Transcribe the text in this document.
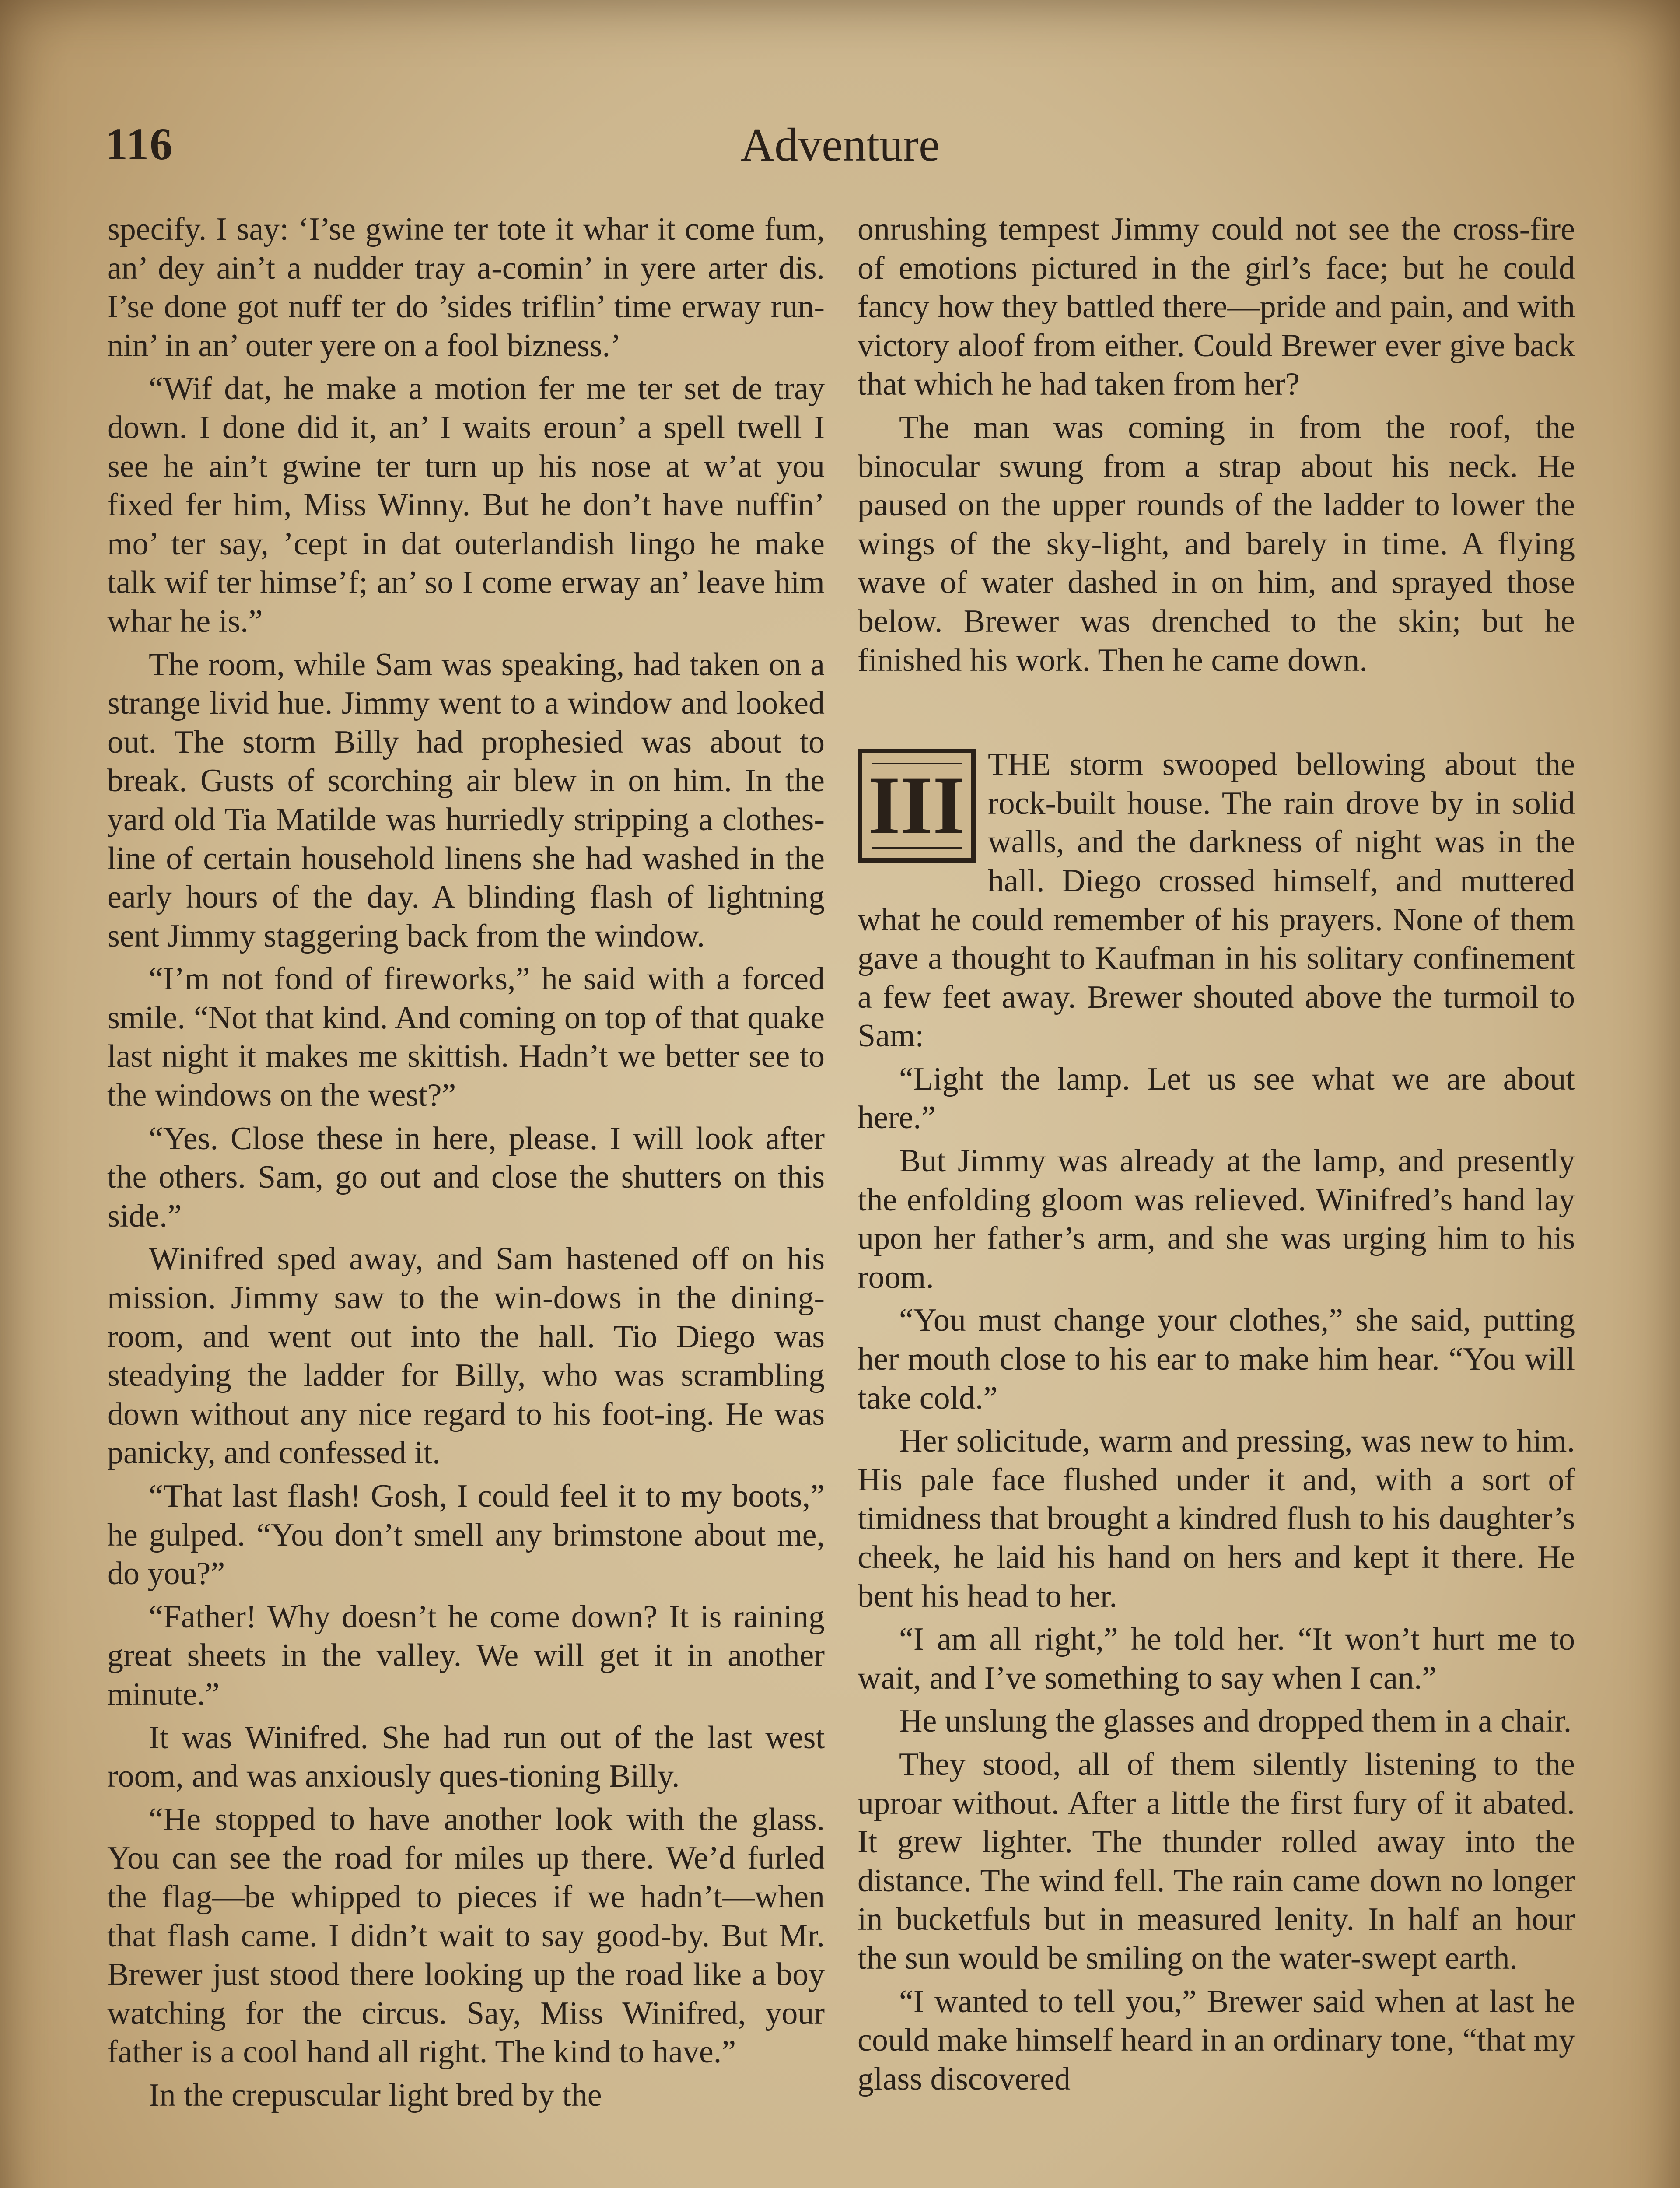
116	Adventure

specify. I say: ‘I’se gwine ter tote it whar it come fum, an’ dey ain’t a nudder tray a-comin’ in yere arter dis. I’se done got nuff ter do ’sides triflin’ time erway run-nin’ in an’ outer yere on a fool bizness.’

“Wif dat, he make a motion fer me ter set de tray down. I done did it, an’ I waits eroun’ a spell twell I see he ain’t gwine ter turn up his nose at w’at you fixed fer him, Miss Winny. But he don’t have nuffin’ mo’ ter say, ’cept in dat outerlandish lingo he make talk wif ter himse’f; an’ so I come erway an’ leave him whar he is.”

The room, while Sam was speaking, had taken on a strange livid hue. Jimmy went to a window and looked out. The storm Billy had prophesied was about to break. Gusts of scorching air blew in on him. In the yard old Tia Matilde was hurriedly stripping a clothes-line of certain household linens she had washed in the early hours of the day. A blinding flash of lightning sent Jimmy staggering back from the window.

“I’m not fond of fireworks,” he said with a forced smile. “Not that kind. And coming on top of that quake last night it makes me skittish. Hadn’t we better see to the windows on the west?”

“Yes. Close these in here, please. I will look after the others. Sam, go out and close the shutters on this side.”

Winifred sped away, and Sam hastened off on his mission. Jimmy saw to the win-dows in the dining-room, and went out into the hall. Tio Diego was steadying the ladder for Billy, who was scrambling down without any nice regard to his foot-ing. He was panicky, and confessed it.

“That last flash! Gosh, I could feel it to my boots,” he gulped. “You don’t smell any brimstone about me, do you?”

“Father! Why doesn’t he come down? It is raining great sheets in the valley. We will get it in another minute.”

It was Winifred. She had run out of the last west room, and was anxiously ques-tioning Billy.

“He stopped to have another look with the glass. You can see the road for miles up there. We’d furled the flag—be whipped to pieces if we hadn’t—when that flash came. I didn’t wait to say good-by. But Mr. Brewer just stood there looking up the road like a boy watching for the circus. Say, Miss Winifred, your father is a cool hand all right. The kind to have.”

In the crepuscular light bred by the

onrushing tempest Jimmy could not see the cross-fire of emotions pictured in the girl’s face; but he could fancy how they battled there—pride and pain, and with victory aloof from either. Could Brewer ever give back that which he had taken from her?

The man was coming in from the roof, the binocular swung from a strap about his neck. He paused on the upper rounds of the ladder to lower the wings of the sky-light, and barely in time. A flying wave of water dashed in on him, and sprayed those below. Brewer was drenched to the skin; but he finished his work. Then he came down.

III THE storm swooped bellowing about the rock-built house. The rain drove by in solid walls, and the darkness of night was in the hall. Diego crossed himself, and muttered what he could remember of his prayers. None of them gave a thought to Kaufman in his solitary confinement a few feet away. Brewer shouted above the turmoil to Sam:

“Light the lamp. Let us see what we are about here.”

But Jimmy was already at the lamp, and presently the enfolding gloom was relieved. Winifred’s hand lay upon her father’s arm, and she was urging him to his room.

“You must change your clothes,” she said, putting her mouth close to his ear to make him hear. “You will take cold.”

Her solicitude, warm and pressing, was new to him. His pale face flushed under it and, with a sort of timidness that brought a kindred flush to his daughter’s cheek, he laid his hand on hers and kept it there. He bent his head to her.

“I am all right,” he told her. “It won’t hurt me to wait, and I’ve something to say when I can.”

He unslung the glasses and dropped them in a chair.

They stood, all of them silently listening to the uproar without. After a little the first fury of it abated. It grew lighter. The thunder rolled away into the distance. The wind fell. The rain came down no longer in bucketfuls but in measured lenity. In half an hour the sun would be smiling on the water-swept earth.

“I wanted to tell you,” Brewer said when at last he could make himself heard in an ordinary tone, “that my glass discovered
